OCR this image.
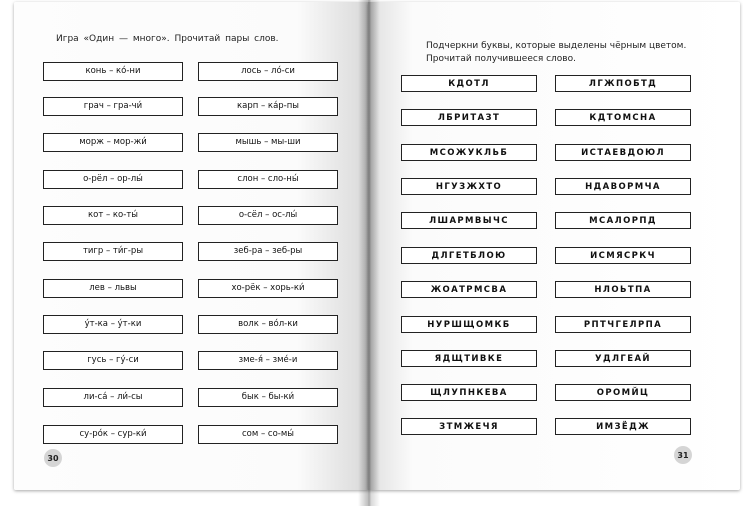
Игра «Один — много». Прочитай пары слов.
Подчеркни буквы, которые выделены чёрным цветом. Прочитай получившееся слово.
конь – ко́-ни
грач – гра-чи́
морж – мор-жи́
о-рёл – ор-лы́
кот – ко-ты́
тигр – ти́г-ры
лев – львы
у́т-ка – у́т-ки
гусь – гу́-си
ли-са́ – ли́-сы
су-ро́к – сур-ки́
лось – ло́-си
карп – ка́р-пы
мышь – мы-ши
слон – сло-ны́
о-сёл – ос-лы́
зеб-ра – зеб-ры
хо-рёк – хорь-ки́
волк – во́л-ки
зме-я́ – зме́-и
бык – бы-ки́
сом – со-мы́
КДОТЛ
ЛБРИТАЗТ
МСОЖУКЛЬБ
НГУЗЖХТО
ЛШАРМВЫЧС
ДЛГЕТБЛОЮ
ЖОАТРМСВА
НУРШЩОМКБ
ЯДЩТИВКЕ
ЩЛУПНКЕВА
ЗТМЖЕЧЯ
ЛГЖПОБТД
КДТОМСНА
ИСТАЕВДОЮЛ
НДАВОРМЧА
МСАЛОРПД
ИСМЯСРКЧ
НЛОЬТПА
РПТЧГЕЛРПА
УДЛГЕАЙ
ОРОМЙЦ
ИМЗЁДЖ
30	31
